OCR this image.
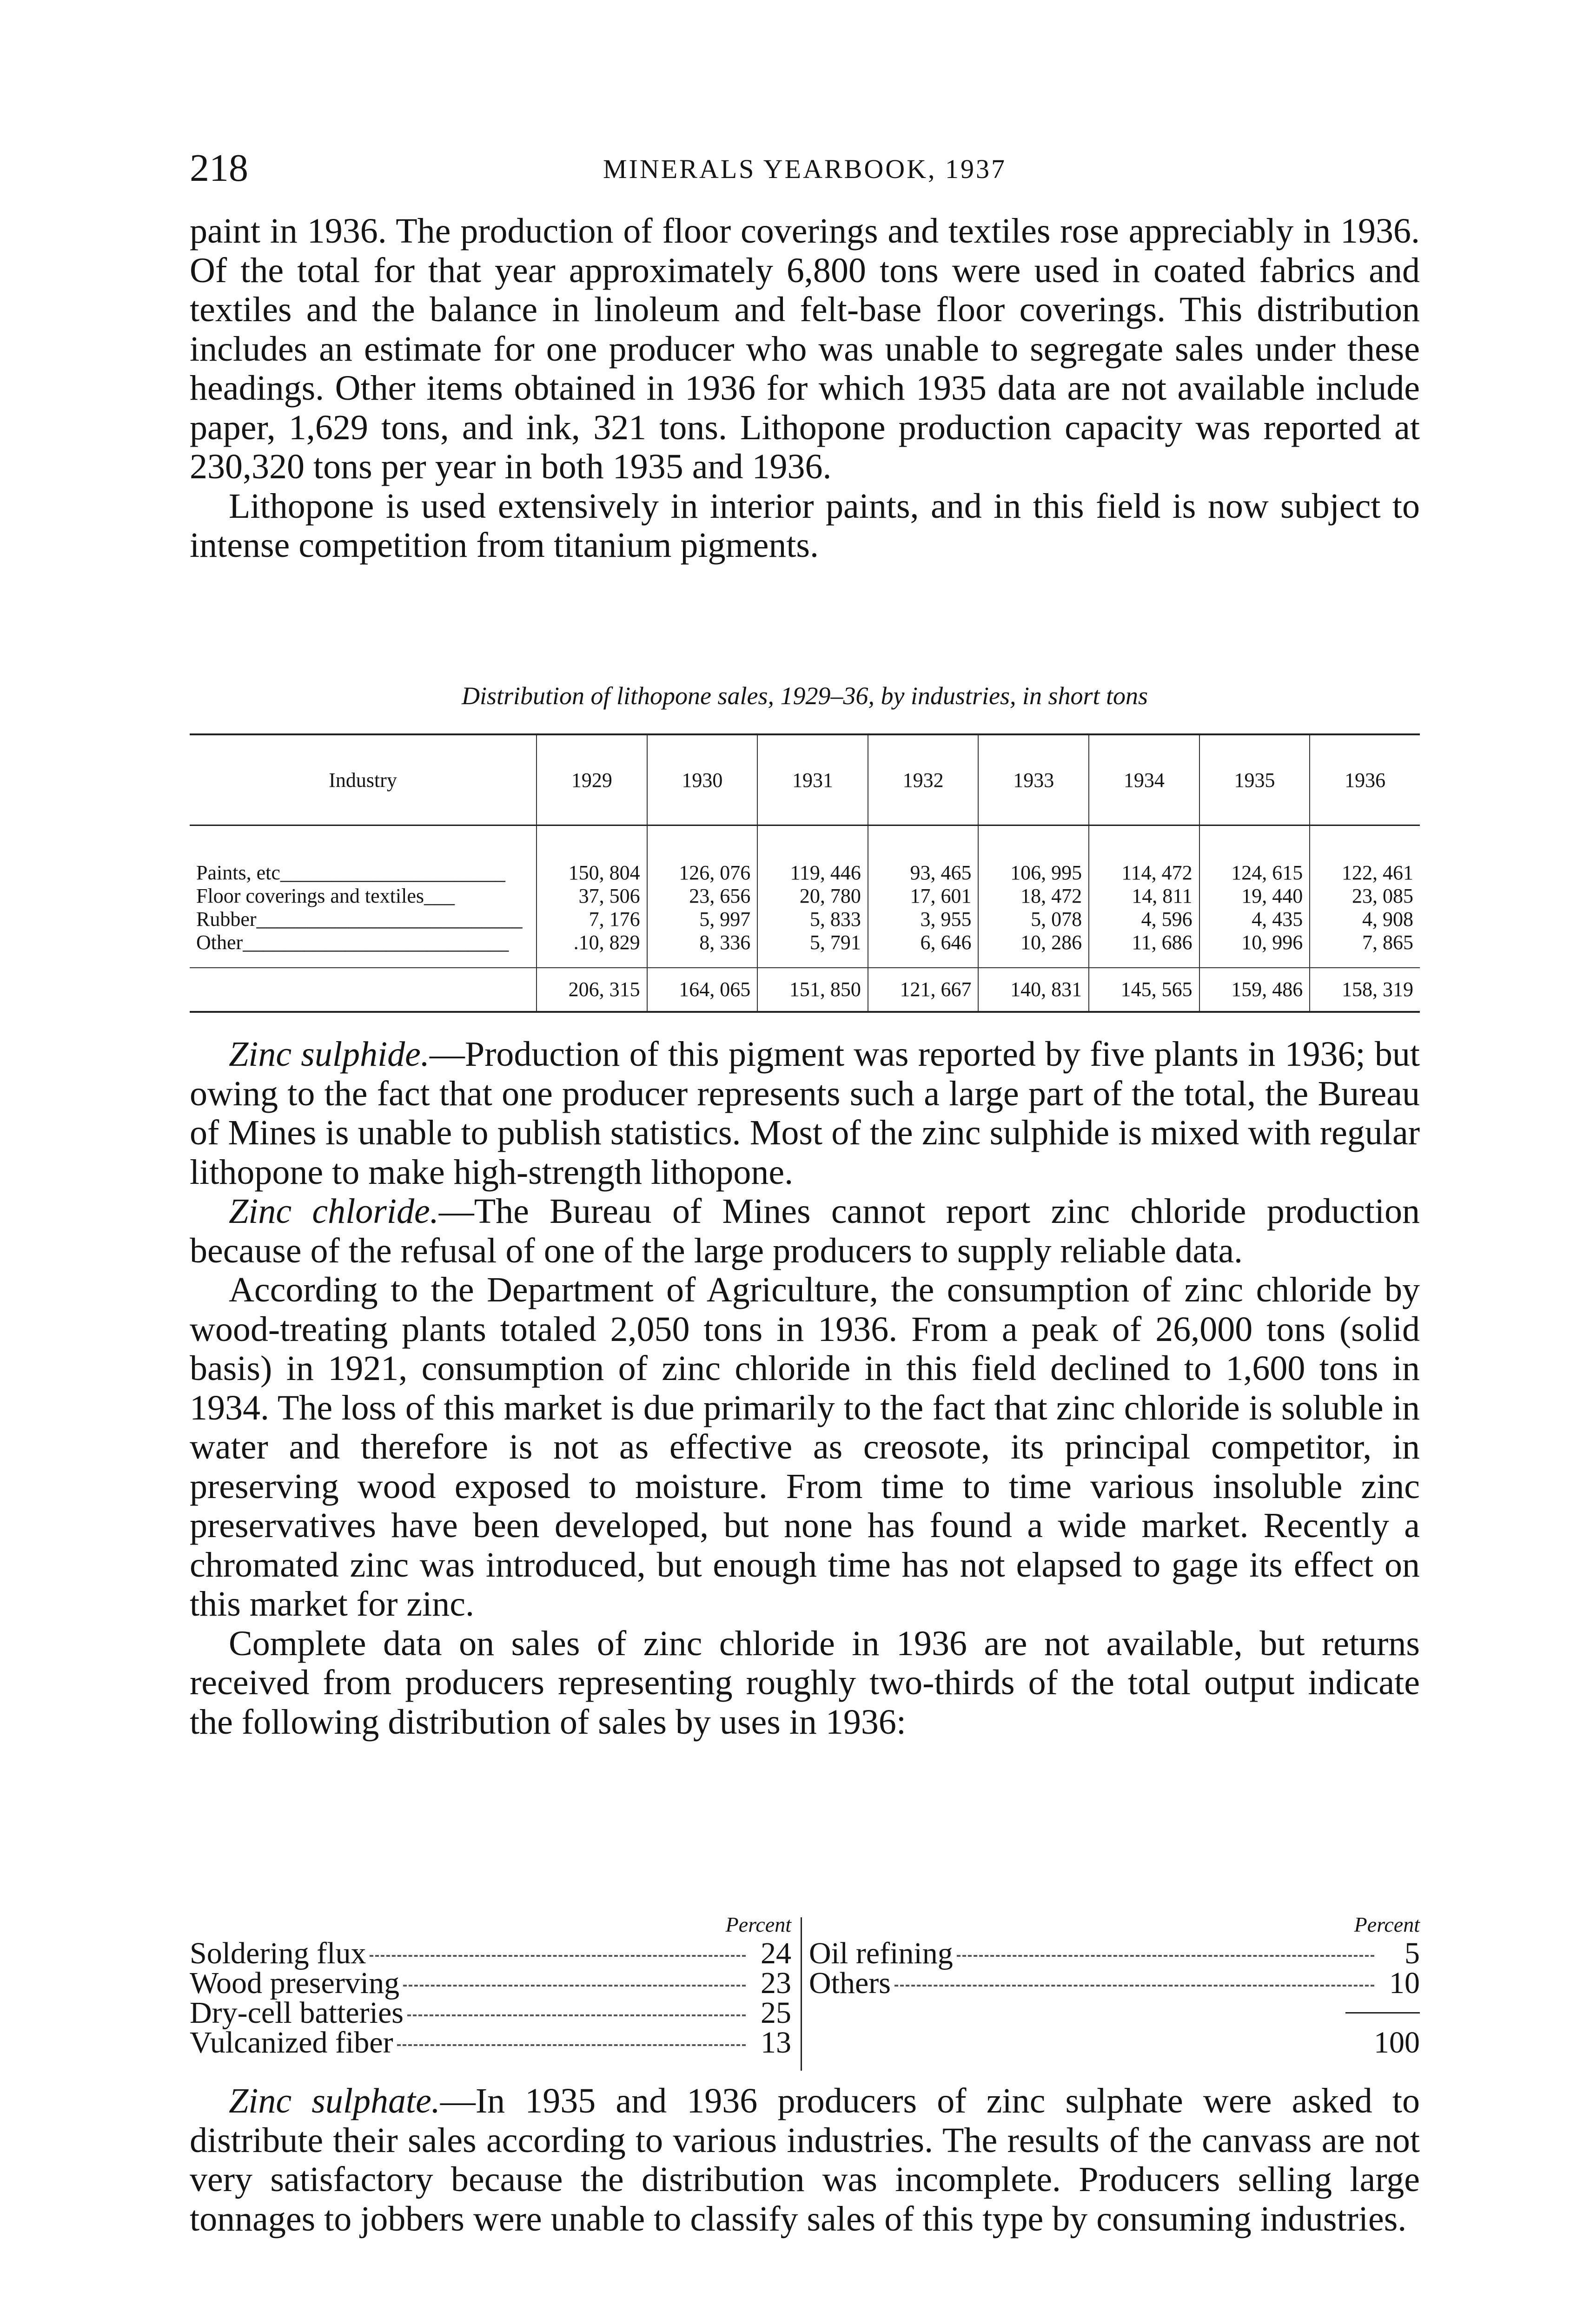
218	MINERALS YEARBOOK, 1937

paint in 1936. The production of floor coverings and textiles rose appreciably in 1936. Of the total for that year approximately 6,800 tons were used in coated fabrics and textiles and the balance in linoleum and felt-base floor coverings. This distribution includes an estimate for one producer who was unable to segregate sales under these headings. Other items obtained in 1936 for which 1935 data are not available include paper, 1,629 tons, and ink, 321 tons. Lithopone production capacity was reported at 230,320 tons per year in both 1935 and 1936.

Lithopone is used extensively in interior paints, and in this field is now subject to intense competition from titanium pigments.

Distribution of lithopone sales, 1929–36, by industries, in short tons
Industry	1929	1930	1931	1932	1933	1934	1935	1936
Paints, etc______________________	150, 804	126, 076	119, 446	93, 465	106, 995	114, 472	124, 615	122, 461
Floor coverings and textiles___	37, 506	23, 656	20, 780	17, 601	18, 472	14, 811	19, 440	23, 085
Rubber__________________________	7, 176	5, 997	5, 833	3, 955	5, 078	4, 596	4, 435	4, 908
Other__________________________	.10, 829	8, 336	5, 791	6, 646	10, 286	11, 686	10, 996	7, 865
	206, 315	164, 065	151, 850	121, 667	140, 831	145, 565	159, 486	158, 319

Zinc sulphide.—Production of this pigment was reported by five plants in 1936; but owing to the fact that one producer represents such a large part of the total, the Bureau of Mines is unable to publish statistics. Most of the zinc sulphide is mixed with regular lithopone to make high-strength lithopone.

Zinc chloride.—The Bureau of Mines cannot report zinc chloride production because of the refusal of one of the large producers to supply reliable data.

According to the Department of Agriculture, the consumption of zinc chloride by wood-treating plants totaled 2,050 tons in 1936. From a peak of 26,000 tons (solid basis) in 1921, consumption of zinc chloride in this field declined to 1,600 tons in 1934. The loss of this market is due primarily to the fact that zinc chloride is soluble in water and therefore is not as effective as creosote, its principal competitor, in preserving wood exposed to moisture. From time to time various insoluble zinc preservatives have been developed, but none has found a wide market. Recently a chromated zinc was introduced, but enough time has not elapsed to gage its effect on this market for zinc.

Complete data on sales of zinc chloride in 1936 are not available, but returns received from producers representing roughly two-thirds of the total output indicate the following distribution of sales by uses in 1936:

Percent
Soldering flux	24
Wood preserving	23
Dry-cell batteries	25
Vulcanized fiber	13
Percent
Oil refining	5
Others	10
100

Zinc sulphate.—In 1935 and 1936 producers of zinc sulphate were asked to distribute their sales according to various industries. The results of the canvass are not very satisfactory because the distribution was incomplete. Producers selling large tonnages to jobbers were unable to classify sales of this type by consuming industries.
